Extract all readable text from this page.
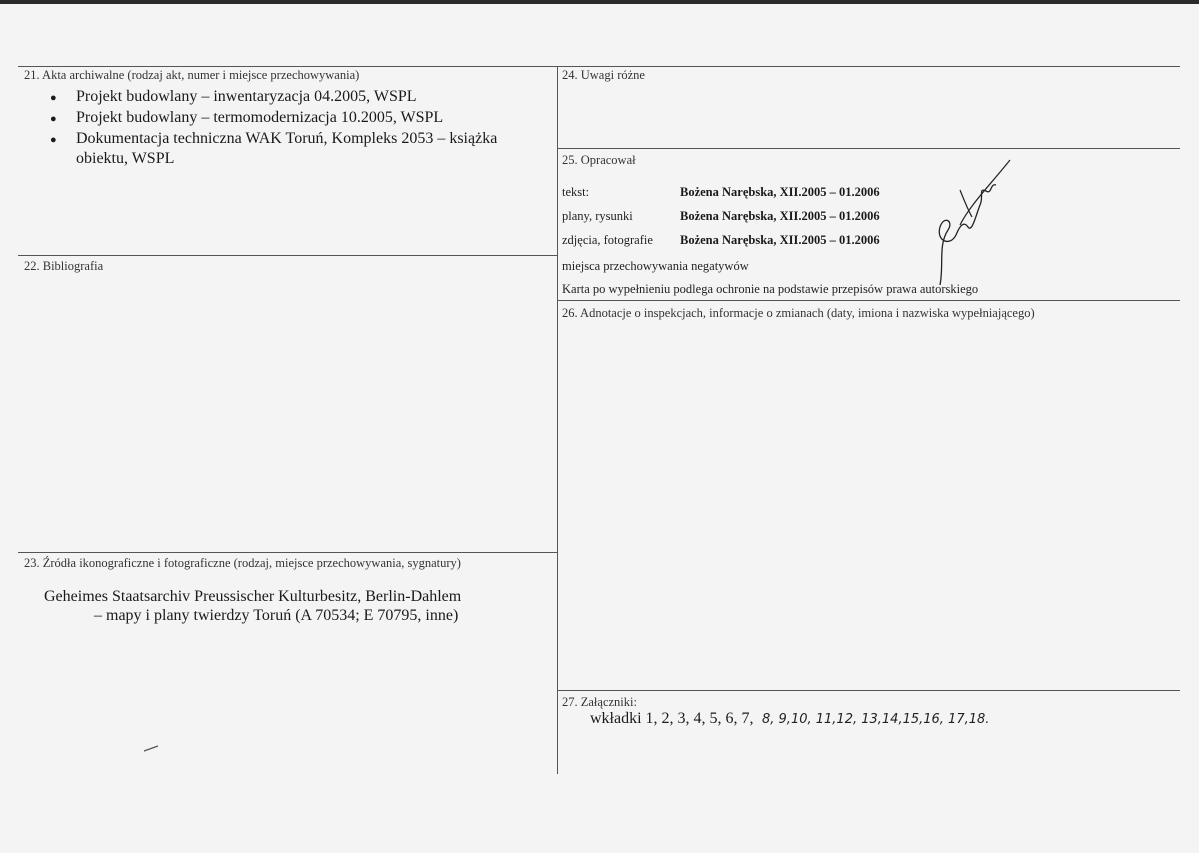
21. Akta archiwalne (rodzaj akt, numer i miejsce przechowywania)
● Projekt budowlany – inwentaryzacja 04.2005, WSPL
● Projekt budowlany – termomodernizacja 10.2005, WSPL
● Dokumentacja techniczna WAK Toruń, Kompleks 2053 – książka
obiektu, WSPL
22. Bibliografia
23. Źródła ikonograficzne i fotograficzne (rodzaj, miejsce przechowywania, sygnatury)
Geheimes Staatsarchiv Preussischer Kulturbesitz, Berlin-Dahlem
– mapy i plany twierdzy Toruń (A 70534; E 70795, inne)
24. Uwagi różne
25. Opracował
tekst:	Bożena Narębska, XII.2005 – 01.2006
plany, rysunki	Bożena Narębska, XII.2005 – 01.2006
zdjęcia, fotografie Bożena Narębska, XII.2005 – 01.2006
miejsca przechowywania negatywów
Karta po wypełnieniu podlega ochronie na podstawie przepisów prawa autorskiego
26. Adnotacje o inspekcjach, informacje o zmianach (daty, imiona i nazwiska wypełniającego)
27. Załączniki:
wkładki 1, 2, 3, 4, 5, 6, 7, 8, 9,10, 11,12, 13,14,15,16, 17,18.
